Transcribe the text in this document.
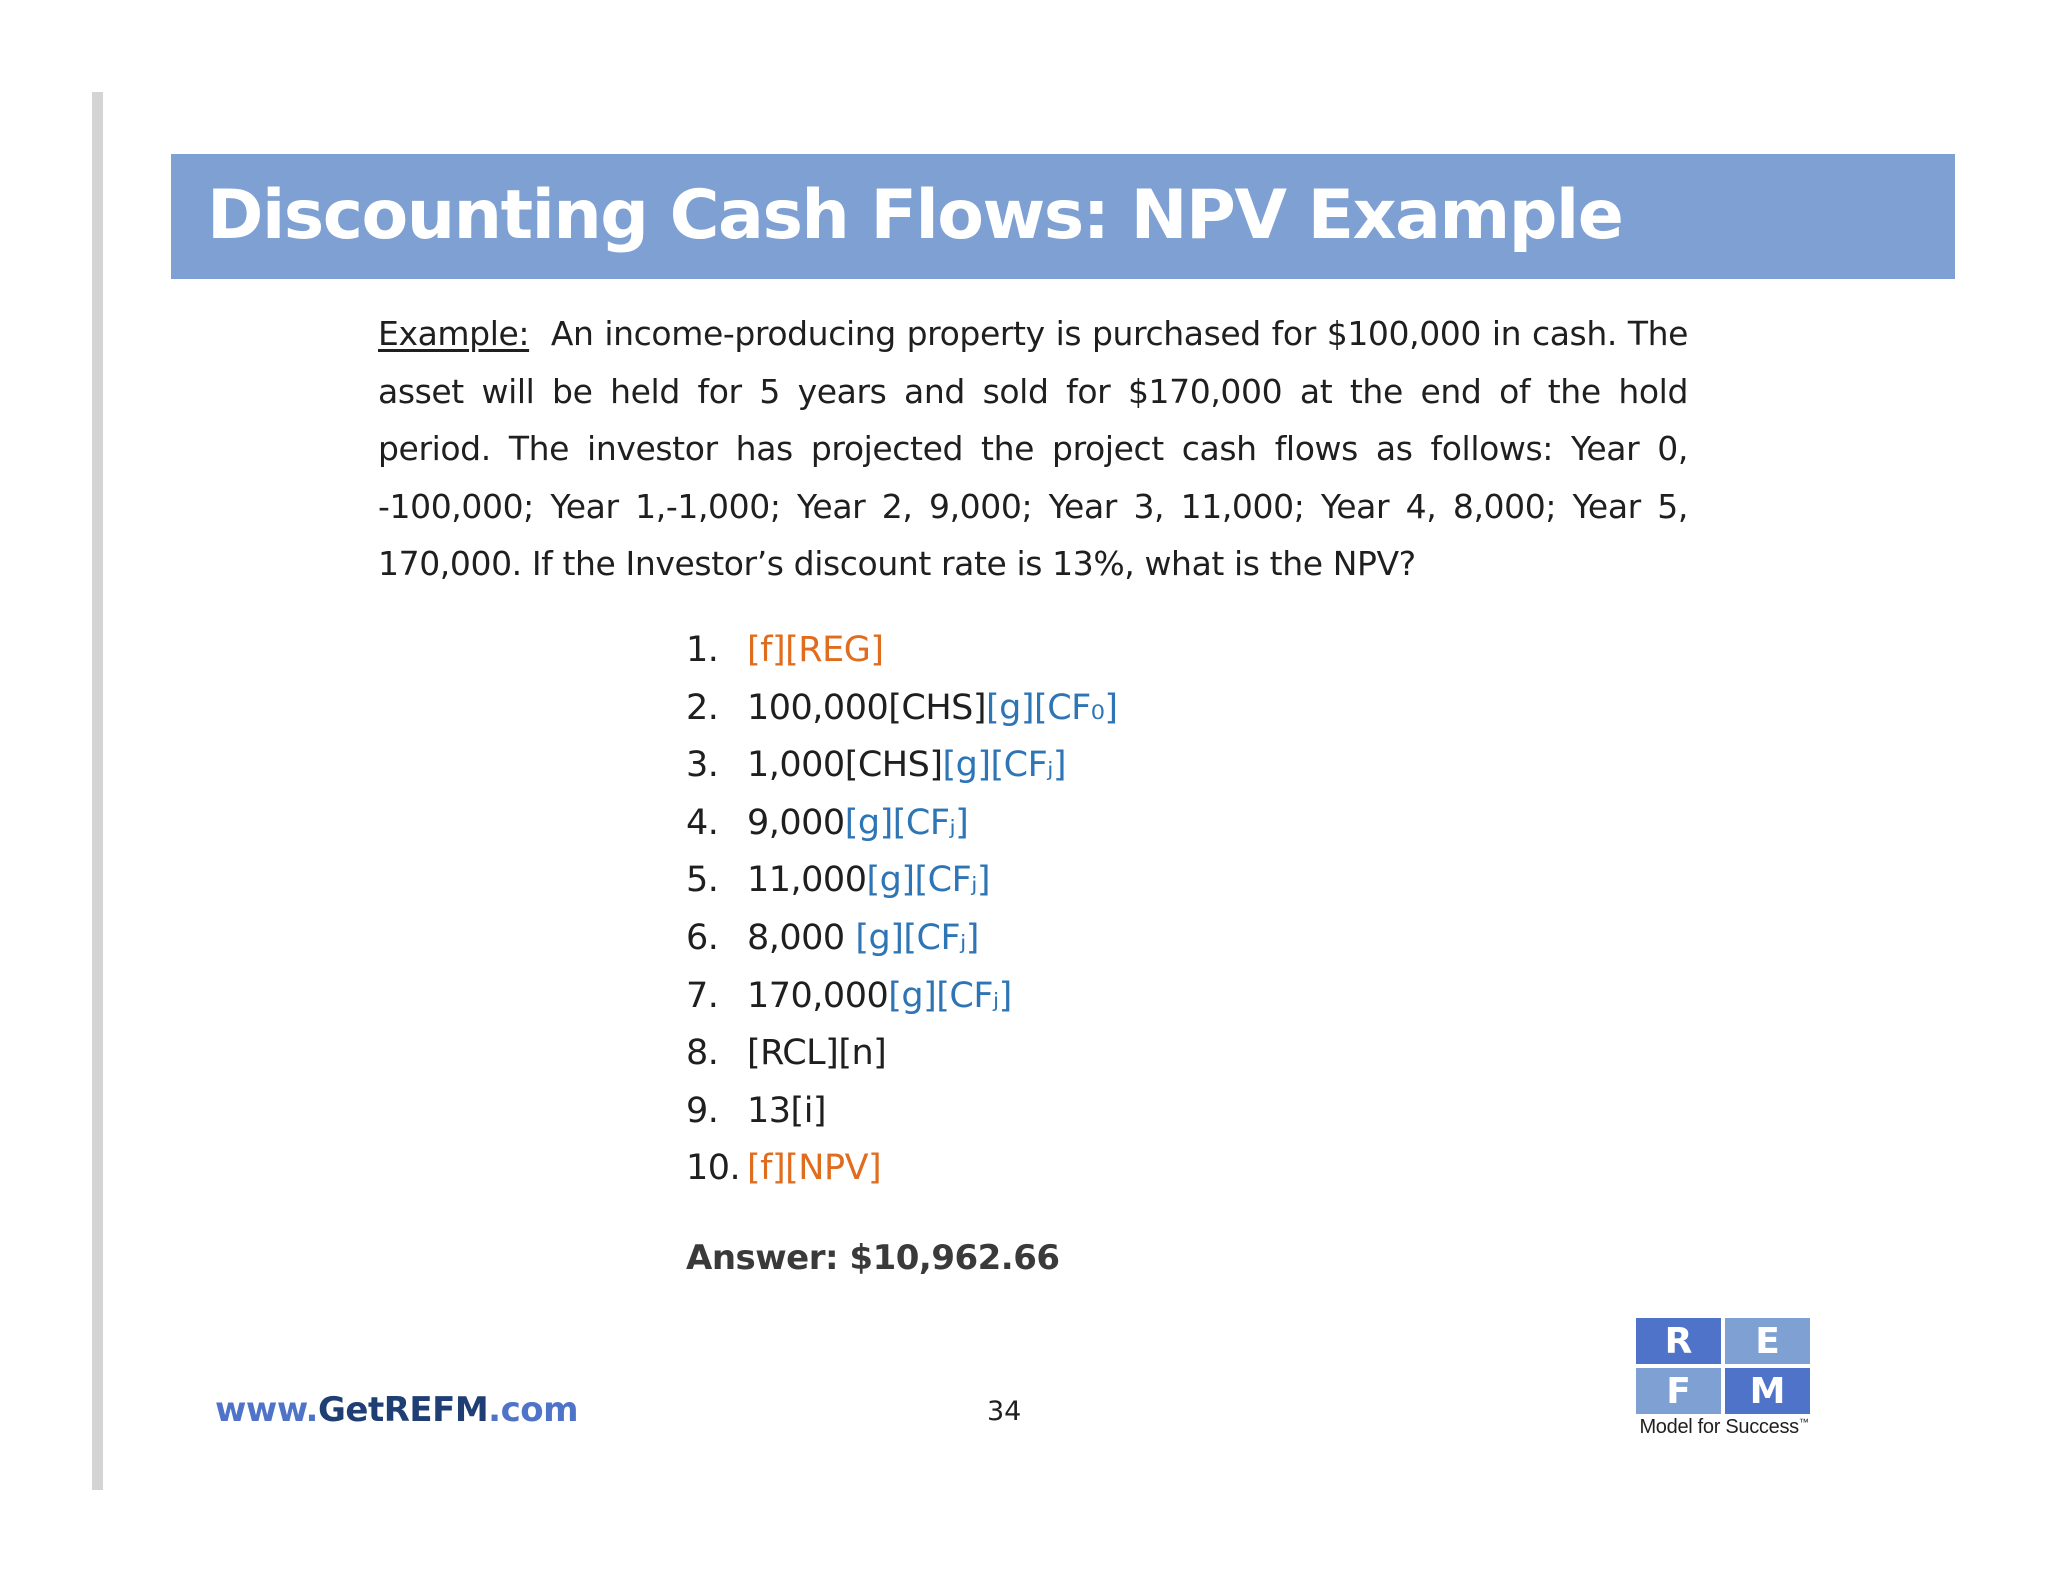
Discounting Cash Flows: NPV Example
Example: An income-producing property is purchased for $100,000 in cash. The asset will be held for 5 years and sold for $170,000 at the end of the hold period. The investor has projected the project cash flows as follows: Year 0, -100,000; Year 1,-1,000; Year 2, 9,000; Year 3, 11,000; Year 4, 8,000; Year 5, 170,000. If the Investor’s discount rate is 13%, what is the NPV?
1. [f][REG]
2. 100,000[CHS][g][CF₀]
3. 1,000[CHS][g][CFⱼ]
4. 9,000[g][CFⱼ]
5. 11,000[g][CFⱼ]
6. 8,000 [g][CFⱼ]
7. 170,000[g][CFⱼ]
8. [RCL][n]
9. 13[i]
10. [f][NPV]
Answer: $10,962.66
www.GetREFM.com	34
R	E
F	M
Model for Success™
